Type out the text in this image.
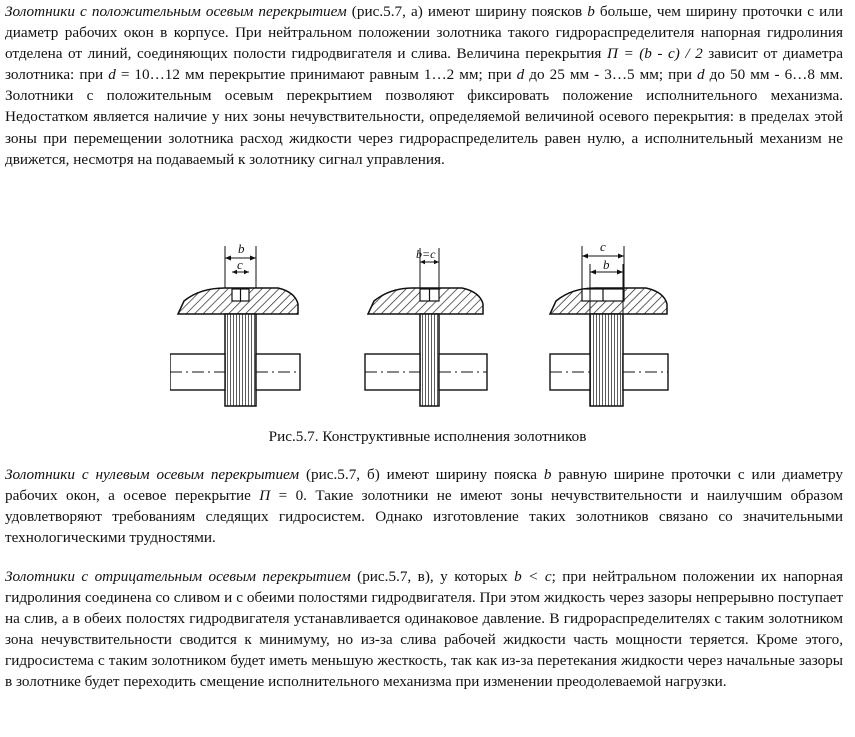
Золотники с положительным осевым перекрытием (рис.5.7, а) имеют ширину поясков b больше, чем ширину проточки с или диаметр рабочих окон в корпусе. При нейтральном положении золотника такого гидрораспределителя напорная гидролиния отделена от линий, соединяющих полости гидродвигателя и слива. Величина перекрытия П = (b - c) / 2 зависит от диаметра золотника: при d = 10…12 мм перекрытие принимают равным 1…2 мм; при d до 25 мм - 3…5 мм; при d до 50 мм - 6…8 мм. Золотники с положительным осевым перекрытием позволяют фиксировать положение исполнительного механизма. Недостатком является наличие у них зоны нечувствительности, определяемой величиной осевого перекрытия: в пределах этой зоны при перемещении золотника расход жидкости через гидрораспределитель равен нулю, а исполнительный механизм не движется, несмотря на подаваемый к золотнику сигнал управления.

b
c
b=c	c
b
Рис.5.7. Конструктивные исполнения золотников

Золотники с нулевым осевым перекрытием (рис.5.7, б) имеют ширину пояска b равную ширине проточки с или диаметру рабочих окон, а осевое перекрытие П = 0. Такие золотники не имеют зоны нечувствительности и наилучшим образом удовлетворяют требованиям следящих гидросистем. Однако изготовление таких золотников связано со значительными технологическими трудностями.

Золотники с отрицательным осевым перекрытием (рис.5.7, в), у которых b < c; при нейтральном положении их напорная гидролиния соединена со сливом и с обеими полостями гидродвигателя. При этом жидкость через зазоры непрерывно поступает на слив, а в обеих полостях гидродвигателя устанавливается одинаковое давление. В гидрораспределителях с таким золотником зона нечувствительности сводится к минимуму, но из-за слива рабочей жидкости часть мощности теряется. Кроме этого, гидросистема с таким золотником будет иметь меньшую жесткость, так как из-за перетекания жидкости через начальные зазоры в золотнике будет переходить смещение исполнительного механизма при изменении преодолеваемой нагрузки.
